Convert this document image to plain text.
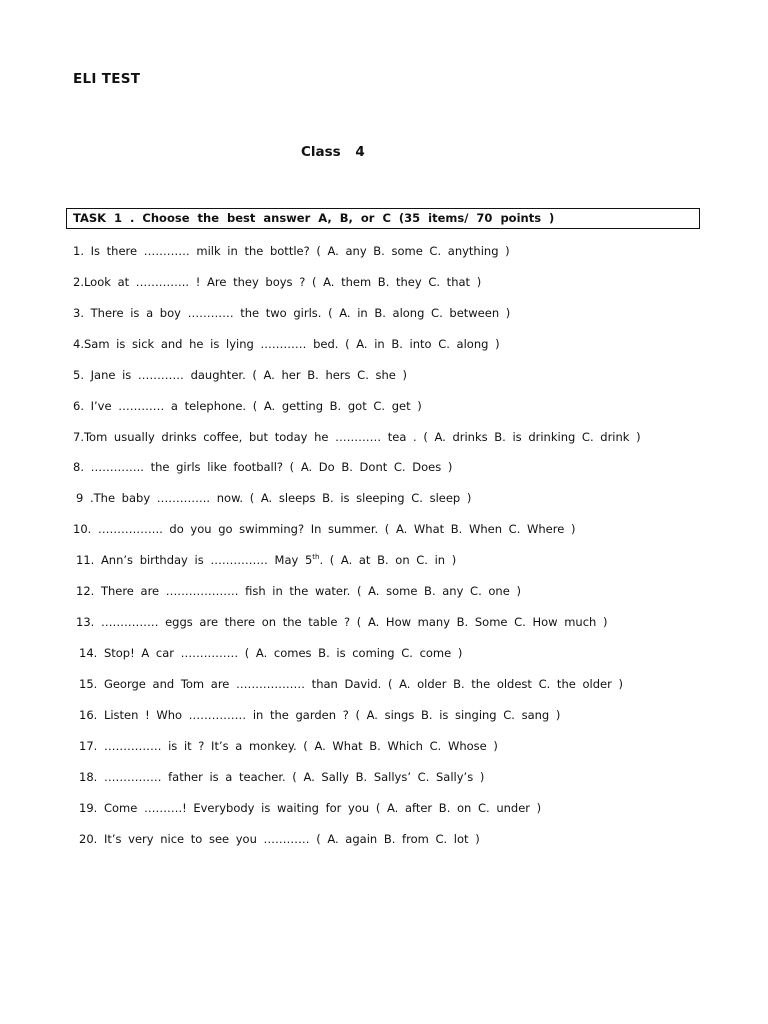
ELI TEST
Class 4
TASK 1 . Choose the best answer A, B, or C (35 items/ 70 points )
1. Is there ………… milk in the bottle? ( A. any B. some C. anything )
2.Look at ………….. ! Are they boys ? ( A. them B. they C. that )
3. There is a boy ………… the two girls. ( A. in B. along C. between )
4.Sam is sick and he is lying ………… bed. ( A. in B. into C. along )
5. Jane is ………… daughter. ( A. her B. hers C. she )
6. I’ve ………… a telephone. ( A. getting B. got C. get )
7.Tom usually drinks coffee, but today he ………… tea . ( A. drinks B. is drinking C. drink )
8. ………….. the girls like football? ( A. Do B. Dont C. Does )
9 .The baby ………….. now. ( A. sleeps B. is sleeping C. sleep )
10. …………….. do you go swimming? In summer. ( A. What B. When C. Where )
11. Ann’s birthday is …………… May 5th. ( A. at B. on C. in )
12. There are ………………. fish in the water. ( A. some B. any C. one )
13. …………… eggs are there on the table ? ( A. How many B. Some C. How much )
14. Stop! A car …………… ( A. comes B. is coming C. come )
15. George and Tom are ……………… than David. ( A. older B. the oldest C. the older )
16. Listen ! Who …………… in the garden ? ( A. sings B. is singing C. sang )
17. …………… is it ? It’s a monkey. ( A. What B. Which C. Whose )
18. …………… father is a teacher. ( A. Sally B. Sallys’ C. Sally’s )
19. Come ……….! Everybody is waiting for you ( A. after B. on C. under )
20. It’s very nice to see you ………… ( A. again B. from C. lot )
